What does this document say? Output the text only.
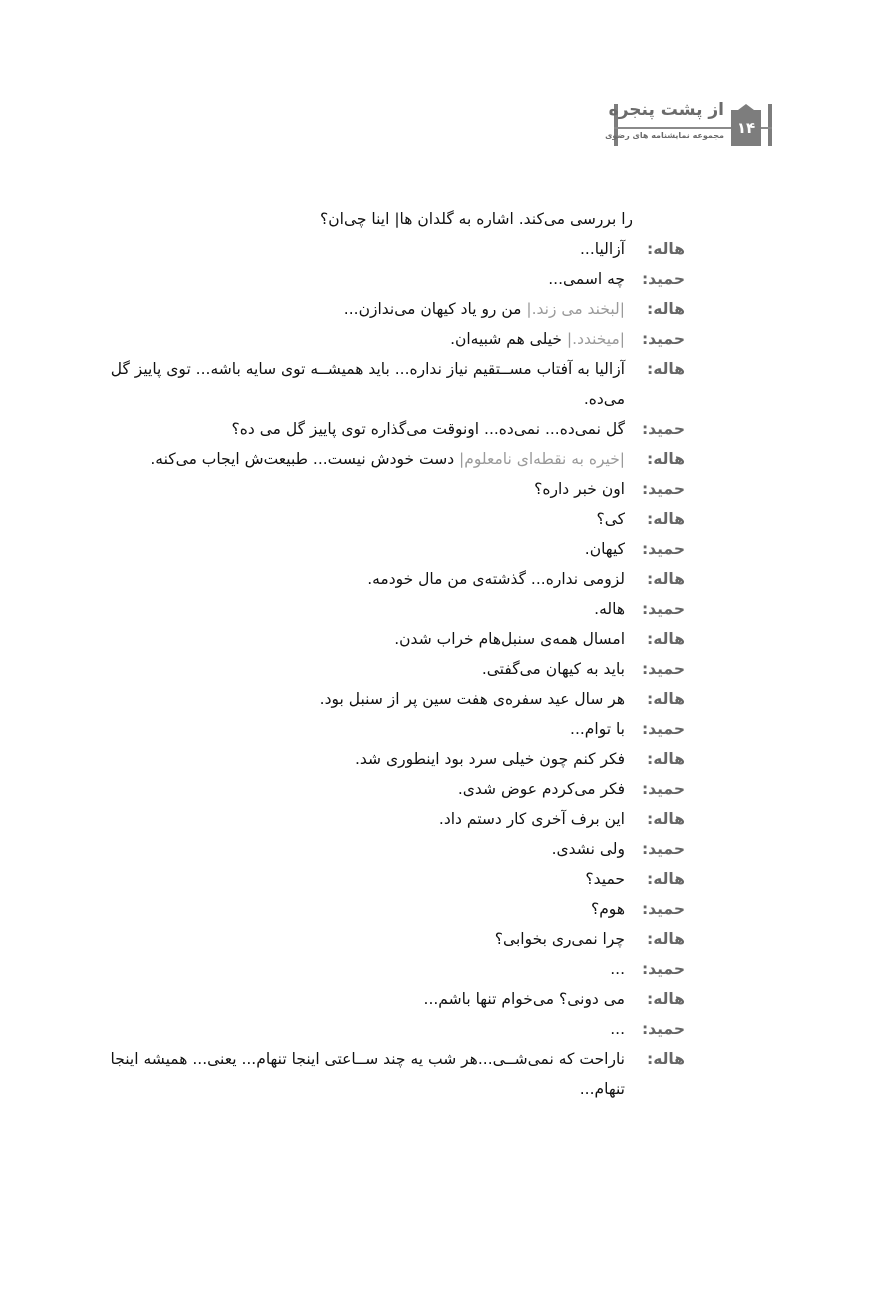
از پشت پنجره
مجموعه نمایشنامه های رضوی ۱۴
را بررسی می‌کند. اشاره به گلدان ها| اینا چی‌ان؟
هاله:
آزالیا...
حمید:
چه اسمی...
هاله:
|لبخند می زند.| من رو یاد کیهان می‌ندازن...
حمید:
|میخندد.| خیلی هم شبیه‌ان.
هاله:
آزالیا به آفتاب مســتقیم نیاز نداره... باید همیشــه توی سایه باشه... توی پاییز گل می‌ده.
حمید:
گل نمی‌ده... نمی‌ده... اونوقت می‌گذاره توی پاییز گل می ده؟
هاله:
|خیره به نقطه‌ای نامعلوم| دست خودش نیست... طبیعت‌ش ایجاب می‌کنه.
حمید:
اون خبر داره؟
هاله:
کی؟
حمید:
کیهان.
هاله:
لزومی نداره... گذشته‌ی من مال خودمه.
حمید:
هاله.
هاله:
امسال همه‌ی سنبل‌هام خراب شدن.
حمید:
باید به کیهان می‌گفتی.
هاله:
هر سال عید سفره‌ی هفت سین پر از سنبل بود.
حمید:
با توام...
هاله:
فکر کنم چون خیلی سرد بود اینطوری شد.
حمید:
فکر می‌کردم عوض شدی.
هاله:
این برف آخری کار دستم داد.
حمید:
ولی نشدی.
هاله:
حمید؟
حمید:
هوم؟
هاله:
چرا نمی‌ری بخوابی؟
حمید:
...
هاله:
می دونی؟ می‌خوام تنها باشم...
حمید:
...
هاله:
ناراحت که نمی‌شــی...هر شب یه چند ســاعتی اینجا تنهام... یعنی... همیشه اینجا تنهام...
